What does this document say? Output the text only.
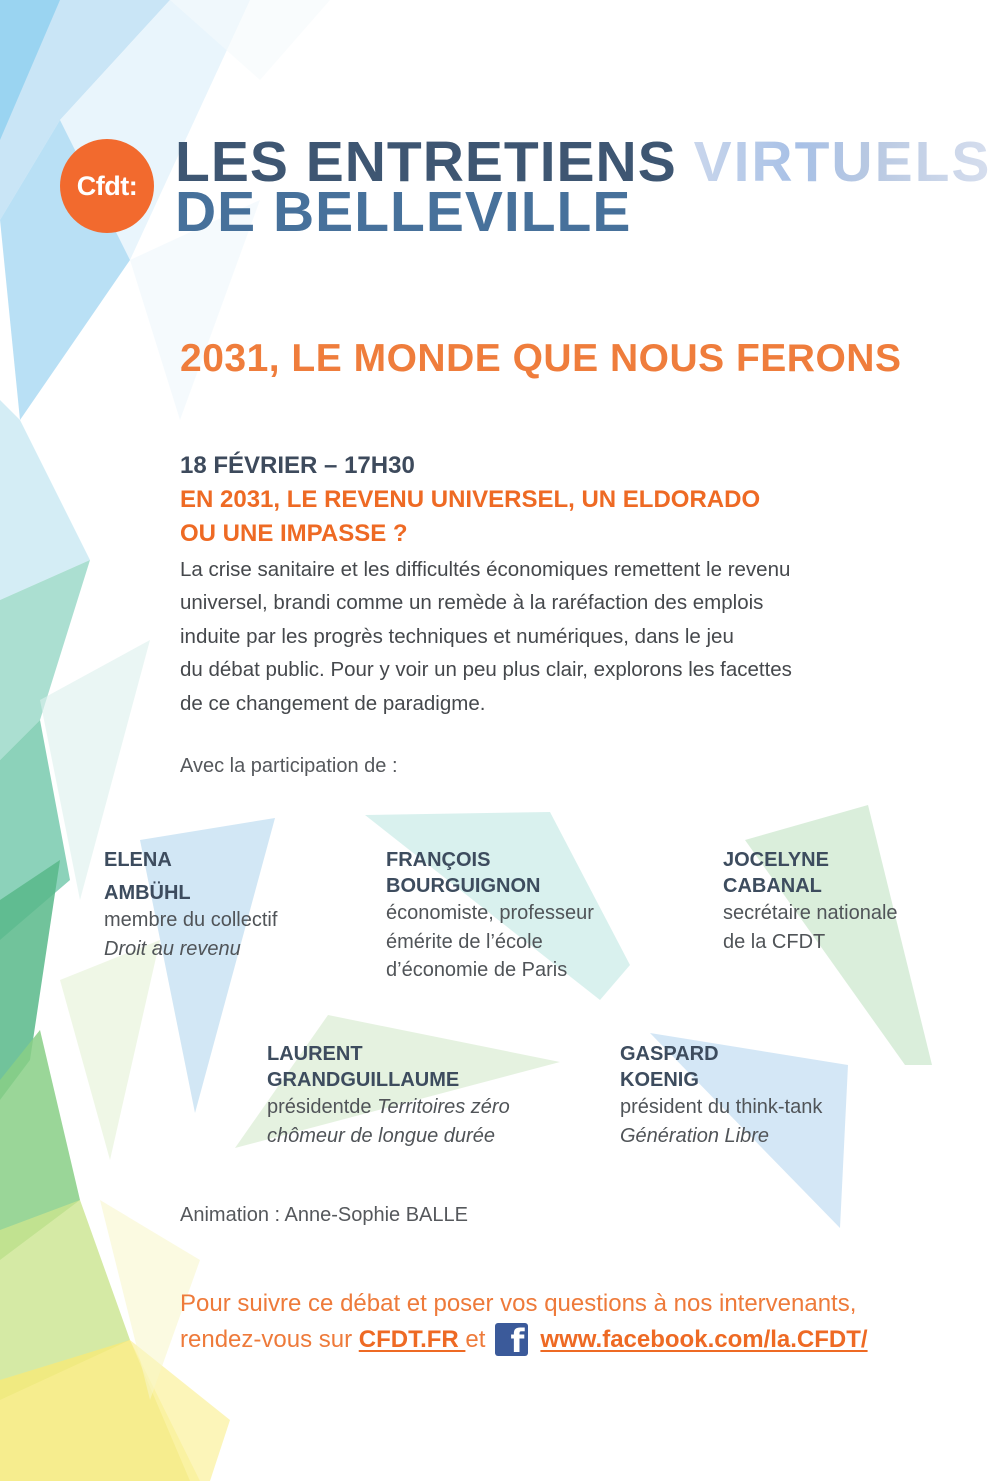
Cfdt: LES ENTRETIENS VIRTUELS
DE BELLEVILLE
2031, LE MONDE QUE NOUS FERONS
18 FÉVRIER – 17H30
EN 2031, LE REVENU UNIVERSEL, UN ELDORADO
OU UNE IMPASSE ?
La crise sanitaire et les difficultés économiques remettent le revenu
universel, brandi comme un remède à la raréfaction des emplois
induite par les progrès techniques et numériques, dans le jeu
du débat public. Pour y voir un peu plus clair, explorons les facettes
de ce changement de paradigme.
Avec la participation de :
ELENA
AMBÜHL
membre du collectif
Droit au revenu
FRANÇOIS
BOURGUIGNON
économiste, professeur
émérite de l’école
d’économie de Paris
JOCELYNE
CABANAL
secrétaire nationale
de la CFDT
LAURENT
GRANDGUILLAUME
présidentde Territoires zéro
chômeur de longue durée
GASPARD
KOENIG
président du think-tank
Génération Libre
Animation : Anne-Sophie BALLE
Pour suivre ce débat et poser vos questions à nos intervenants,
rendez-vous sur CFDT.FR et f www.facebook.com/la.CFDT/
